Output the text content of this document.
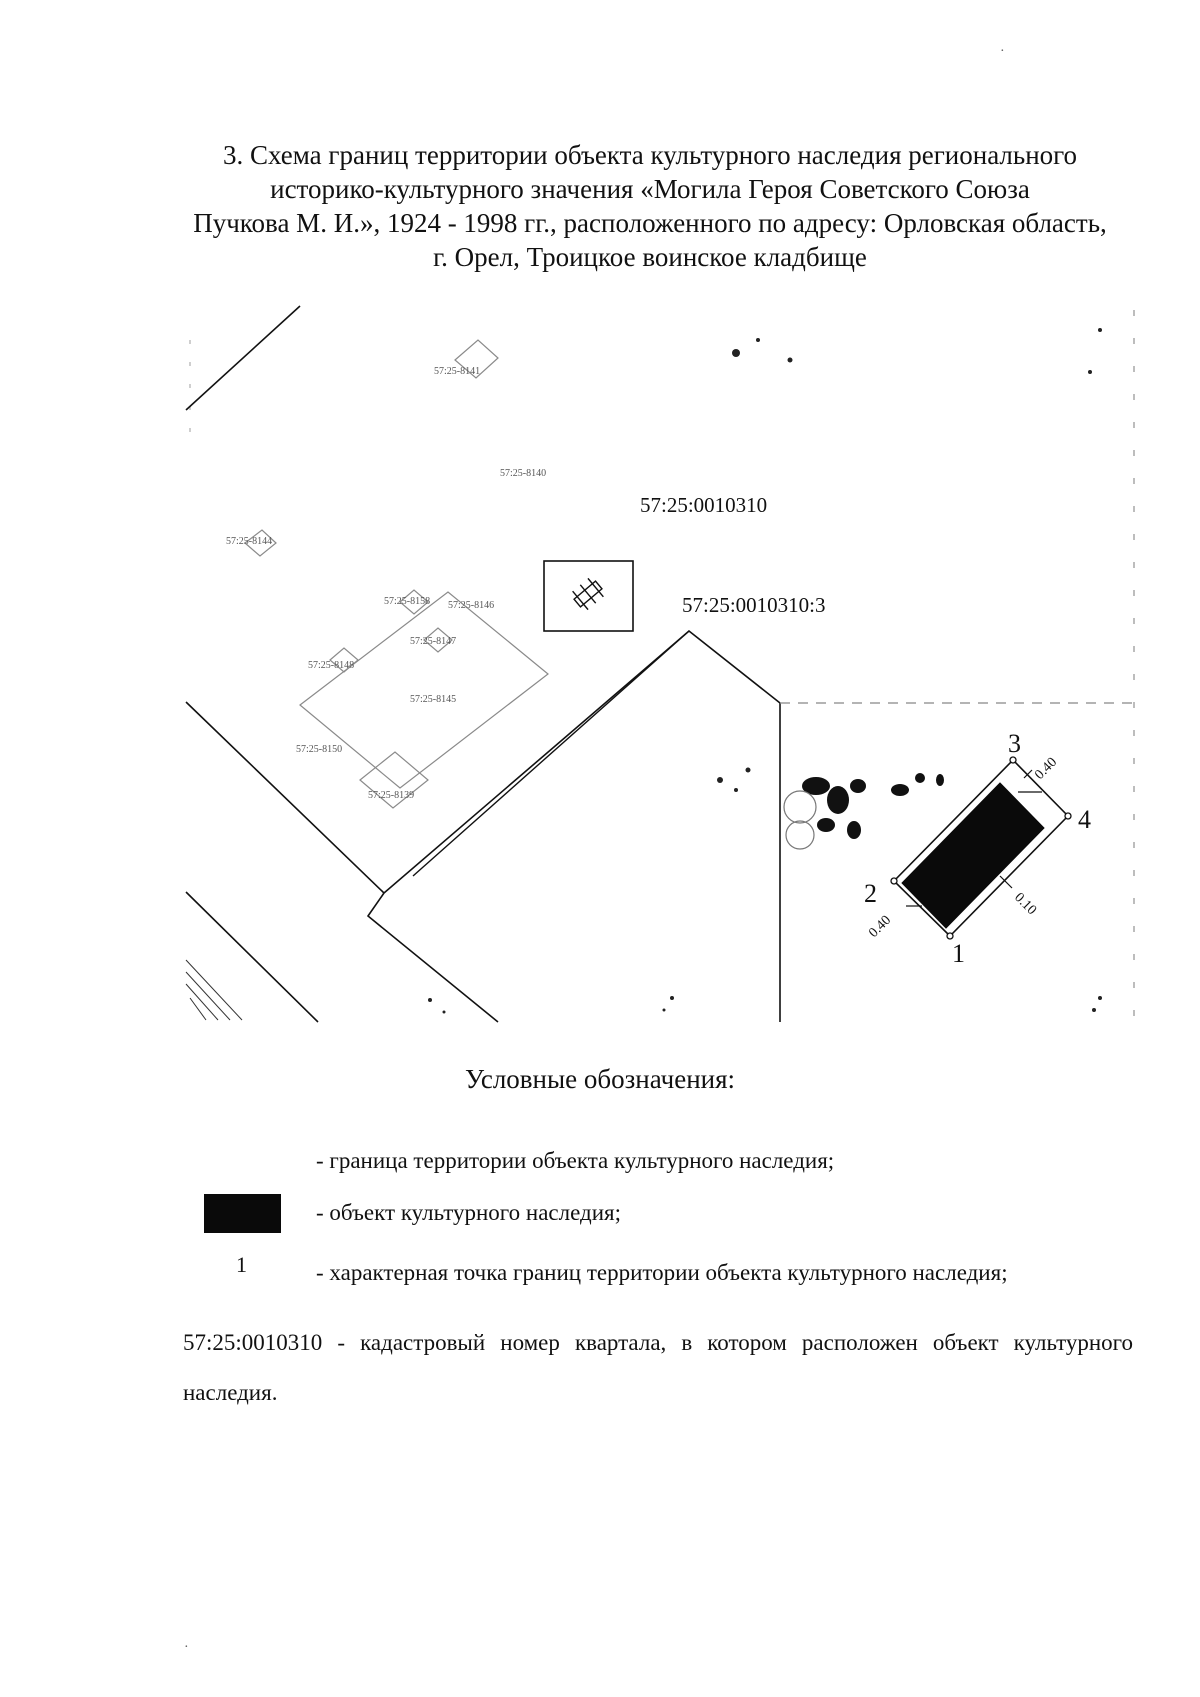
3. Схема границ территории объекта культурного наследия регионального
историко-культурного значения «Могила Героя Советского Союза
Пучкова М. И.», 1924 - 1998 гг., расположенного по адресу: Орловская область,
г. Орел, Троицкое воинское кладбище
1
2
3
4
0.40
0.40
0.10
57:25:0010310
57:25:0010310:3
57:25-8141
57:25-8140
57:25-8144
57:25-8158 57:25-8146
57:25-8147
57:25-8148
57:25-8145
57:25-8150
57:25-8139
Условные обозначения:
- граница территории объекта культурного наследия;
- объект культурного наследия;
1	- характерная точка границ территории объекта культурного наследия;
57:25:0010310 - кадастровый номер квартала, в котором расположен объект культурного
наследия.
·
·
